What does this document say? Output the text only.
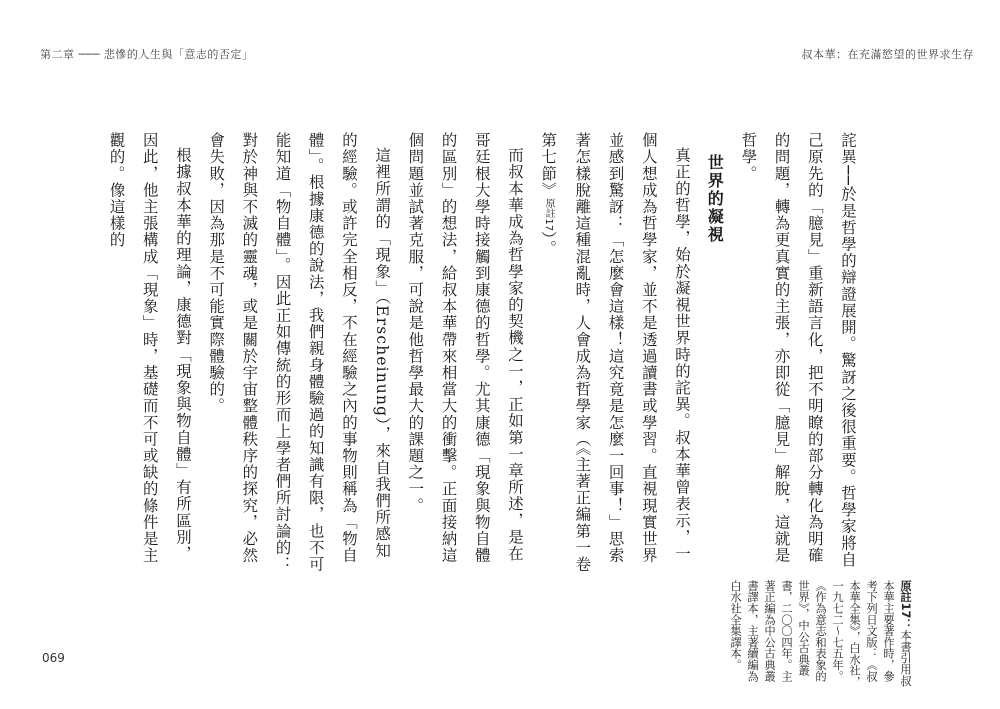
第二章 ─── 悲慘的人生與「意志的否定」	叔本華：在充滿慾望的世界求生存

詫異──於是哲學的辯證展開。驚訝之後很重要。哲學家將自己原先的「臆見」重新語言化，把不明瞭的部分轉化為明確的問題，轉為更真實的主張，亦即從「臆見」解脫，這就是哲學。

世界的凝視

真正的哲學，始於凝視世界時的詫異。叔本華曾表示，一個人想成為哲學家，並不是透過讀書或學習。直視現實世界並感到驚訝：「怎麼會這樣！這究竟是怎麼一回事！」思索著怎樣脫離這種混亂時，人會成為哲學家（《主著正編第一卷第七節》原註17）。

而叔本華成為哲學家的契機之一，正如第一章所述，是在哥廷根大學時接觸到康德的哲學。尤其康德「現象與物自體的區別」的想法，給叔本華帶來相當大的衝擊。正面接納這個問題並試著克服，可說是他哲學最大的課題之一。

這裡所謂的「現象」（Erscheinung），來自我們所感知的經驗。或許完全相反，不在經驗之內的事物則稱為「物自體」。根據康德的說法，我們親身體驗過的知識有限，也不可能知道「物自體」。因此正如傳統的形而上學者們所討論的：對於神與不滅的靈魂，或是關於宇宙整體秩序的探究，必然會失敗，因為那是不可能實際體驗的。

根據叔本華的理論，康德對「現象與物自體」有所區別，因此，他主張構成「現象」時，基礎而不可或缺的條件是主觀的。像這樣的

原註17：本書引用叔本華主要著作時，參考下列日文版：《叔本華全集》，白水社，一九七二～七五年。《作為意志和表象的世界》，中公古典叢書，二〇〇四年。主著正編為中公古典叢書譯本，主著續編為白水社全集譯本。
069
